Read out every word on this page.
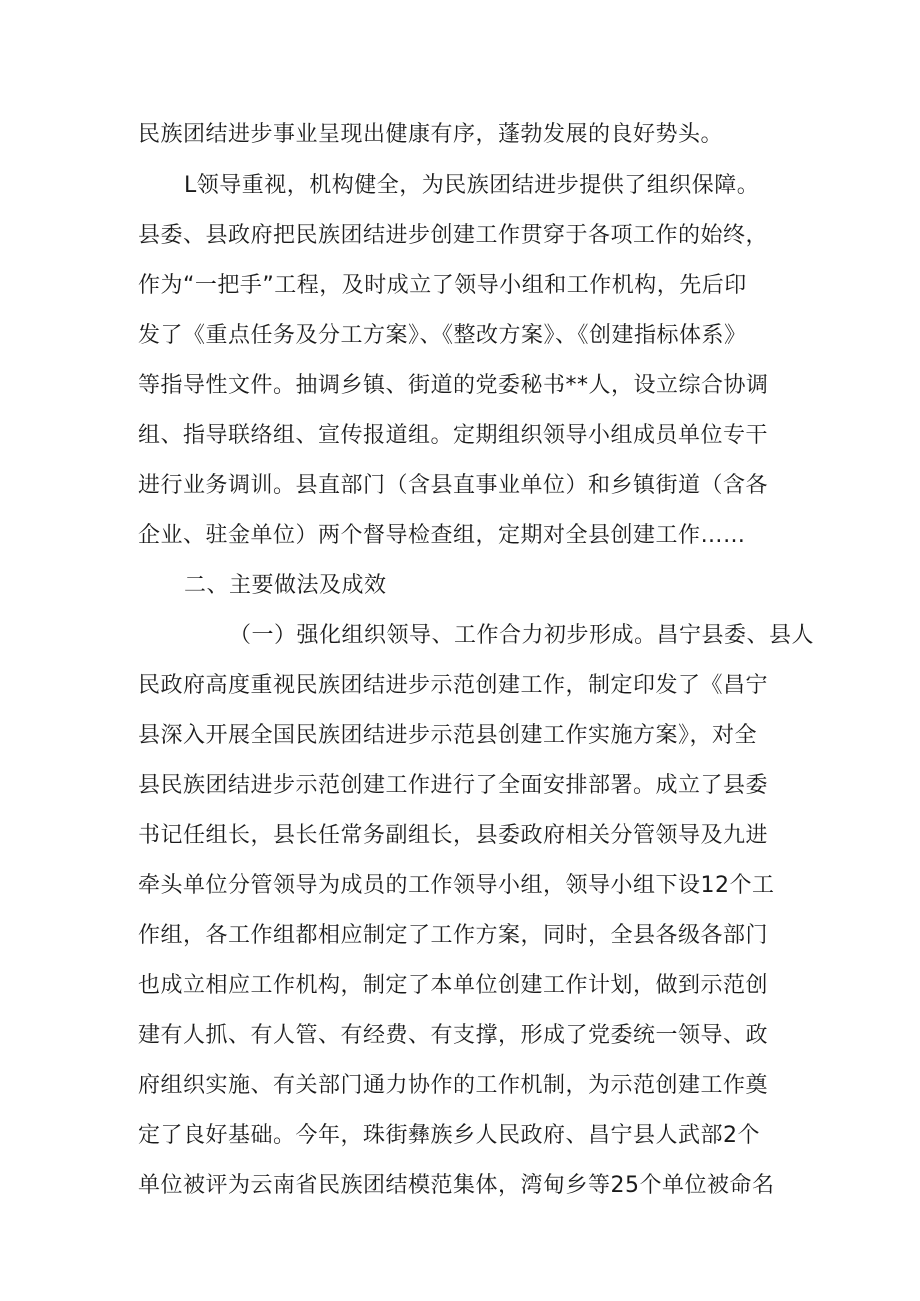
民族团结进步事业呈现出健康有序，蓬勃发展的良好势头。
L领导重视，机构健全，为民族团结进步提供了组织保障。
县委、县政府把民族团结进步创建工作贯穿于各项工作的始终，
作为“一把手”工程，及时成立了领导小组和工作机构，先后印
发了《重点任务及分工方案》、《整改方案》、《创建指标体系》
等指导性文件。抽调乡镇、街道的党委秘书**人，设立综合协调
组、指导联络组、宣传报道组。定期组织领导小组成员单位专干
进行业务调训。县直部门（含县直事业单位）和乡镇街道（含各
企业、驻金单位）两个督导检查组，定期对全县创建工作……
二、主要做法及成效
（一）强化组织领导、工作合力初步形成。昌宁县委、县人
民政府高度重视民族团结进步示范创建工作，制定印发了《昌宁
县深入开展全国民族团结进步示范县创建工作实施方案》，对全
县民族团结进步示范创建工作进行了全面安排部署。成立了县委
书记任组长，县长任常务副组长，县委政府相关分管领导及九进
牵头单位分管领导为成员的工作领导小组，领导小组下设12个工
作组，各工作组都相应制定了工作方案，同时，全县各级各部门
也成立相应工作机构，制定了本单位创建工作计划，做到示范创
建有人抓、有人管、有经费、有支撑，形成了党委统一领导、政
府组织实施、有关部门通力协作的工作机制，为示范创建工作奠
定了良好基础。今年，珠街彝族乡人民政府、昌宁县人武部2个
单位被评为云南省民族团结模范集体，湾甸乡等25个单位被命名
